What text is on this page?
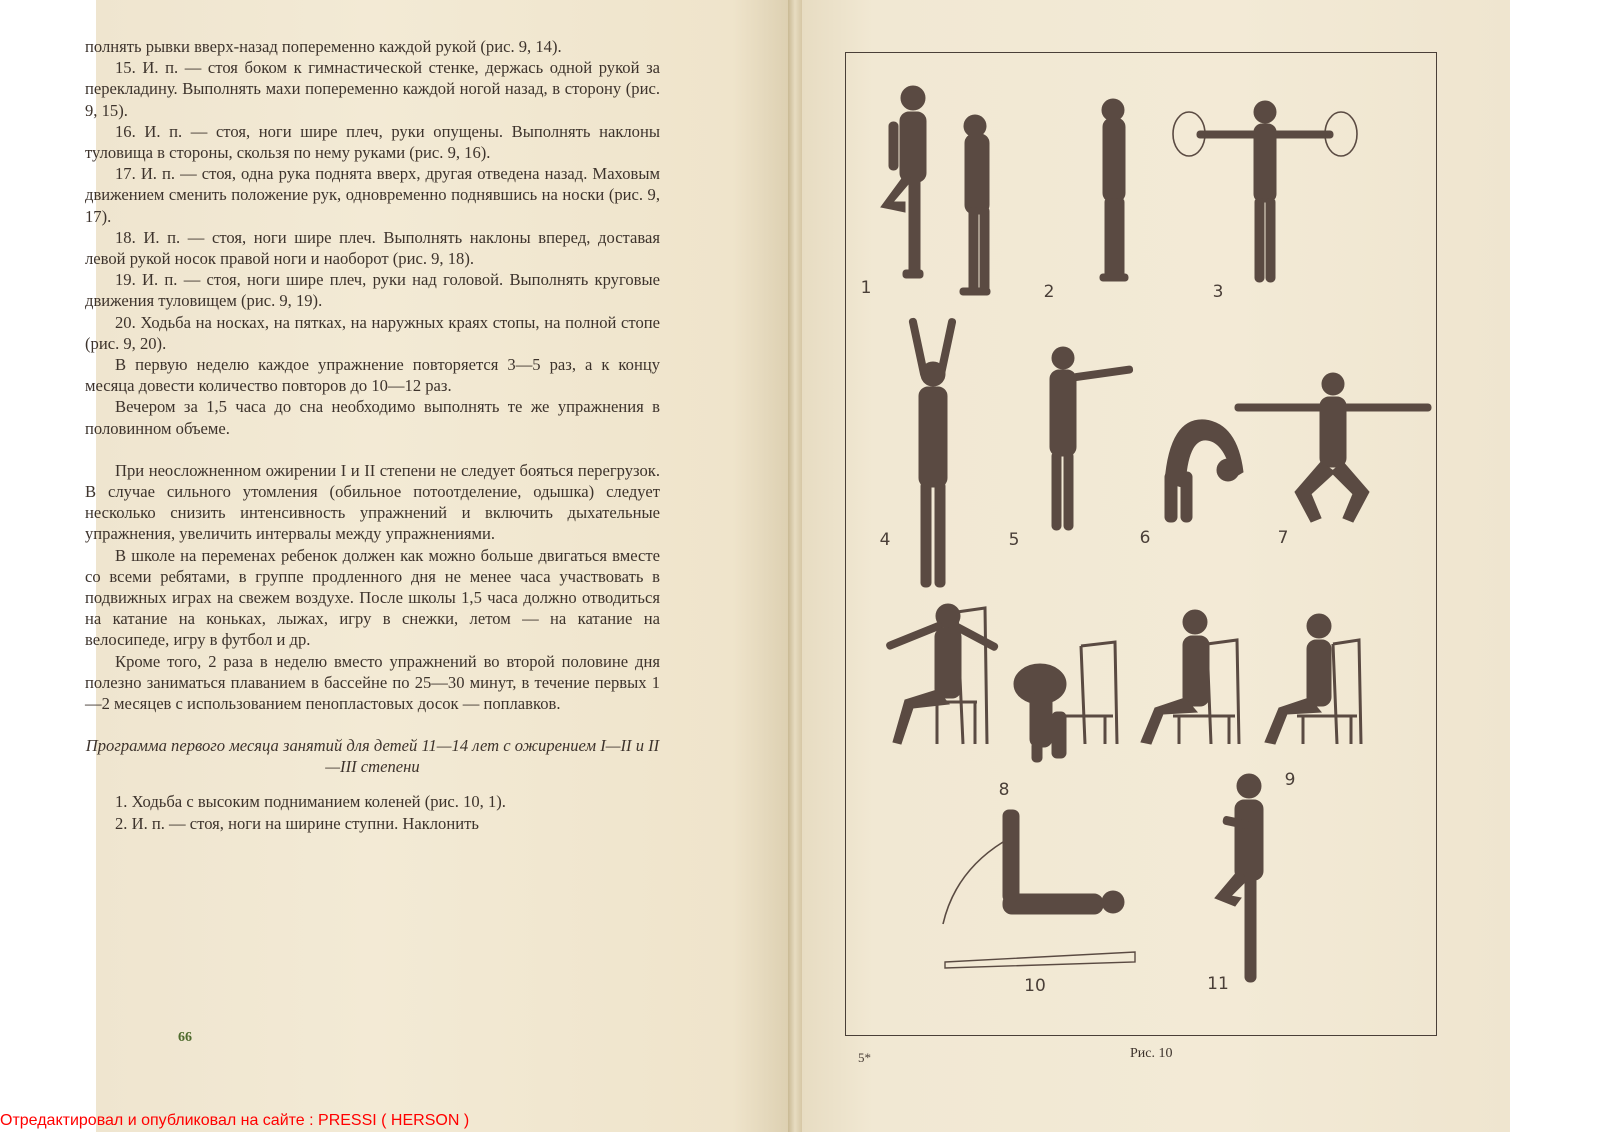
полнять рывки вверх-назад попеременно каждой рукой (рис. 9, 14).

15. И. п. — стоя боком к гимнастической стенке, держась одной рукой за перекладину. Выполнять махи попеременно каждой ногой назад, в сторону (рис. 9, 15).

16. И. п. — стоя, ноги шире плеч, руки опущены. Выполнять наклоны туловища в стороны, скользя по нему руками (рис. 9, 16).

17. И. п. — стоя, одна рука поднята вверх, другая отведена назад. Маховым движением сменить положение рук, одновременно поднявшись на носки (рис. 9, 17).

18. И. п. — стоя, ноги шире плеч. Выполнять наклоны вперед, доставая левой рукой носок правой ноги и наоборот (рис. 9, 18).

19. И. п. — стоя, ноги шире плеч, руки над головой. Выполнять круговые движения туловищем (рис. 9, 19).

20. Ходьба на носках, на пятках, на наружных краях стопы, на полной стопе (рис. 9, 20).

В первую неделю каждое упражнение повторяется 3—5 раз, а к концу месяца довести количество повторов до 10—12 раз.

Вечером за 1,5 часа до сна необходимо выполнять те же упражнения в половинном объеме.

При неосложненном ожирении I и II степени не следует бояться перегрузок. В случае сильного утомления (обильное потоотделение, одышка) следует несколько снизить интенсивность упражнений и включить дыхательные упражнения, увеличить интервалы между упражнениями.

В школе на переменах ребенок должен как можно больше двигаться вместе со всеми ребятами, в группе продленного дня не менее часа участвовать в подвижных играх на свежем воздухе. После школы 1,5 часа должно отводиться на катание на коньках, лыжах, игру в снежки, летом — на катание на велосипеде, игру в футбол и др.

Кроме того, 2 раза в неделю вместо упражнений во второй половине дня полезно заниматься плаванием в бассейне по 25—30 минут, в течение первых 1—2 месяцев с использованием пенопластовых досок — поплавков.

Программа первого месяца занятий для детей 11—14 лет с ожирением I—II и II—III степени

1. Ходьба с высоким подниманием коленей (рис. 10, 1).

2. И. п. — стоя, ноги на ширине ступни. Наклонить

66
1	2	3
4	5	6	7
8	9
10	11
5*	Рис. 10
Отредактировал и опубликовал на сайте : PRESSI ( HERSON )
